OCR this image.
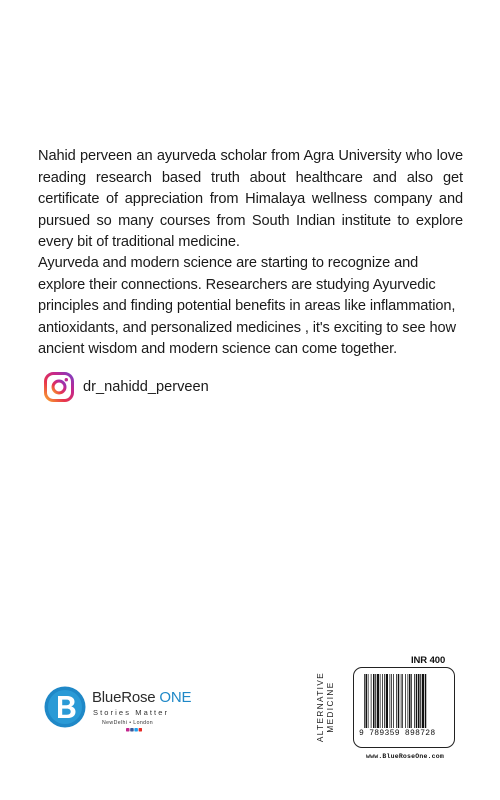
Nahid perveen an ayurveda scholar from Agra University who love reading research based truth about healthcare and also get certificate of appreciation from Himalaya wellness company and pursued so many courses from South Indian institute to explore every bit of traditional medicine.

Ayurveda and modern science are starting to recognize and explore their connections. Researchers are studying Ayurvedic principles and finding potential benefits in areas like inflammation, antioxidants, and personalized medicines , it's exciting to see how ancient wisdom and modern science can come together.

dr_nahidd_perveen
BlueRose ONE
Stories Matter
NewDelhi • London	ALTERNATIVE MEDICINE
INR 400
9 789359 898728
www.BlueRoseOne.com
